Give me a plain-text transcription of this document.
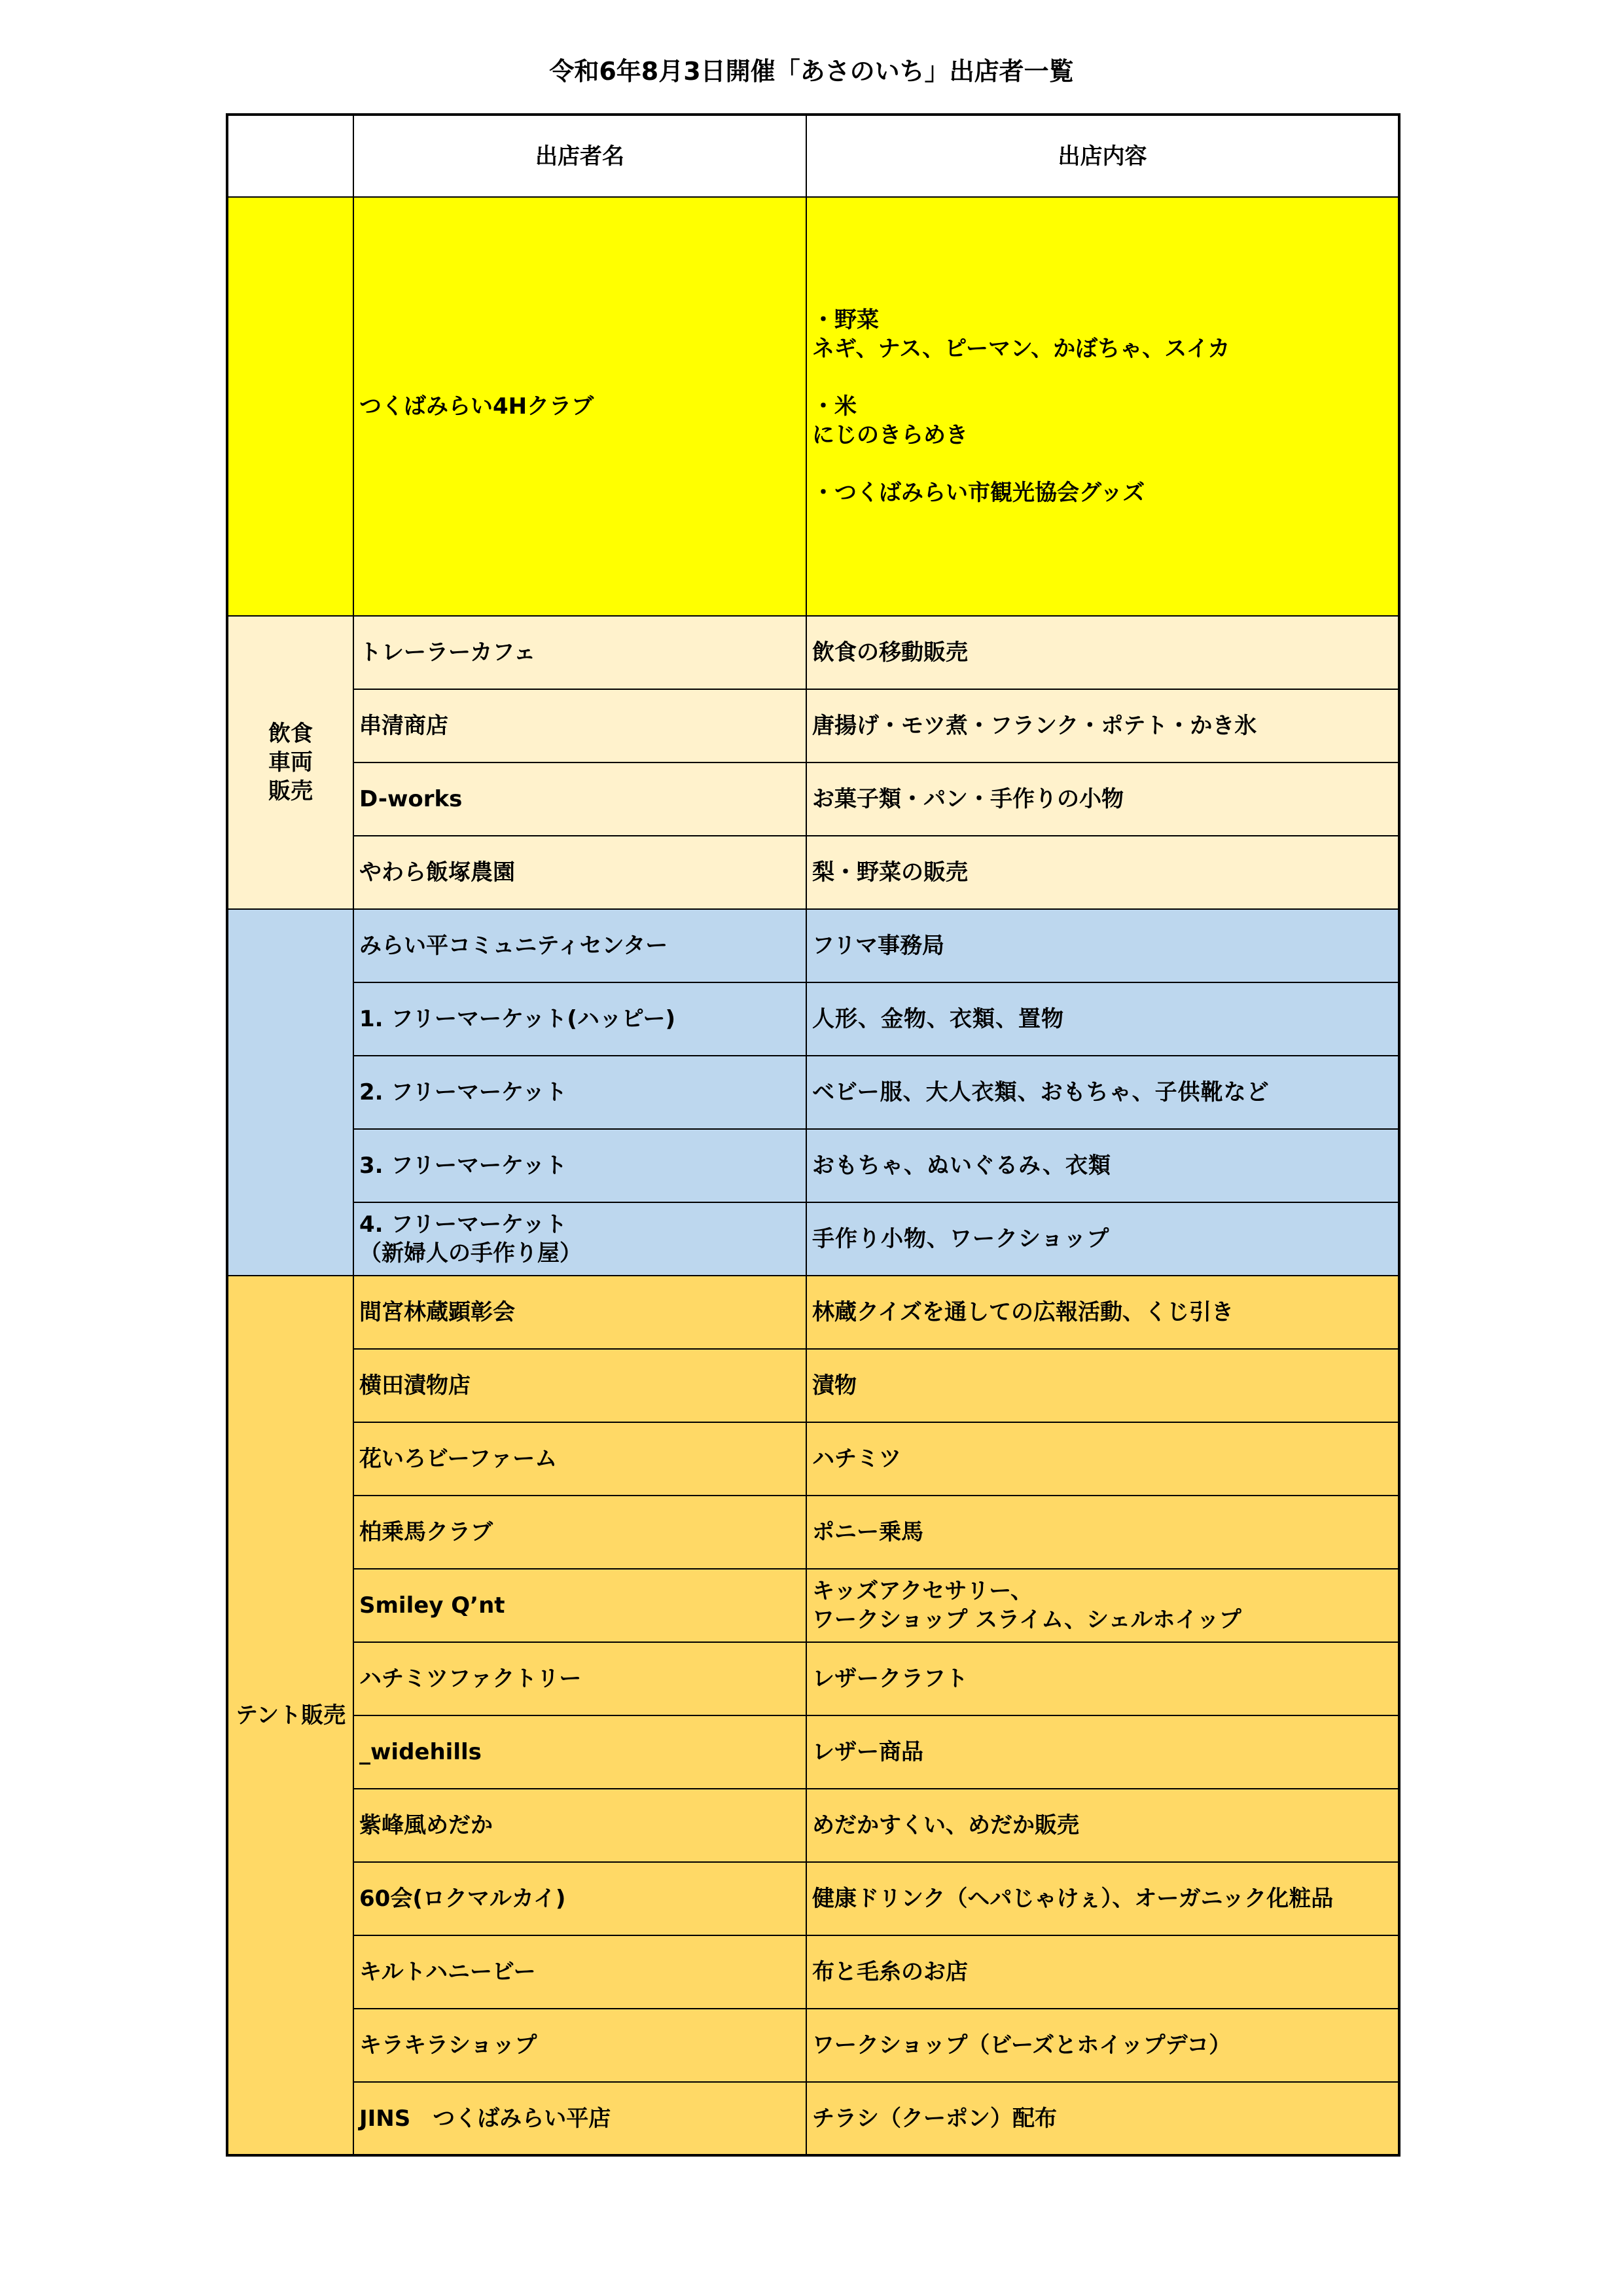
令和6年8月3日開催「あさのいち」出店者一覧
	出店者名	出店内容
	つくばみらい4Hクラブ	・野菜
ネギ、ナス、ピーマン、かぼちゃ、スイカ
・米
にじのきらめき
・つくばみらい市観光協会グッズ

飲食
車両
販売	トレーラーカフェ	飲食の移動販売
	串清商店	唐揚げ・モツ煮・フランク・ポテト・かき氷
	D-works	お菓子類・パン・手作りの小物
	やわら飯塚農園	梨・野菜の販売
	みらい平コミュニティセンター	フリマ事務局
	1. フリーマーケット(ハッピー)	人形、金物、衣類、置物
	2. フリーマーケット	ベビー服、大人衣類、おもちゃ、子供靴など
	3. フリーマーケット	おもちゃ、ぬいぐるみ、衣類
	4. フリーマーケット
（新婦人の手作り屋）	手作り小物、ワークショップ
テント販売	間宮林蔵顕彰会	林蔵クイズを通しての広報活動、くじ引き
	横田漬物店	漬物
	花いろビーファーム	ハチミツ
	柏乗馬クラブ	ポニー乗馬
	Smiley Q’nt	キッズアクセサリー、
ワークショップ スライム、シェルホイップ
	ハチミツファクトリー	レザークラフト
	_widehills	レザー商品
	紫峰風めだか	めだかすくい、めだか販売
	60会(ロクマルカイ)	健康ドリンク（ヘパじゃけぇ）、オーガニック化粧品
	キルトハニービー	布と毛糸のお店
	キラキラショップ	ワークショップ（ビーズとホイップデコ）
	JINS　つくばみらい平店	チラシ（クーポン）配布
